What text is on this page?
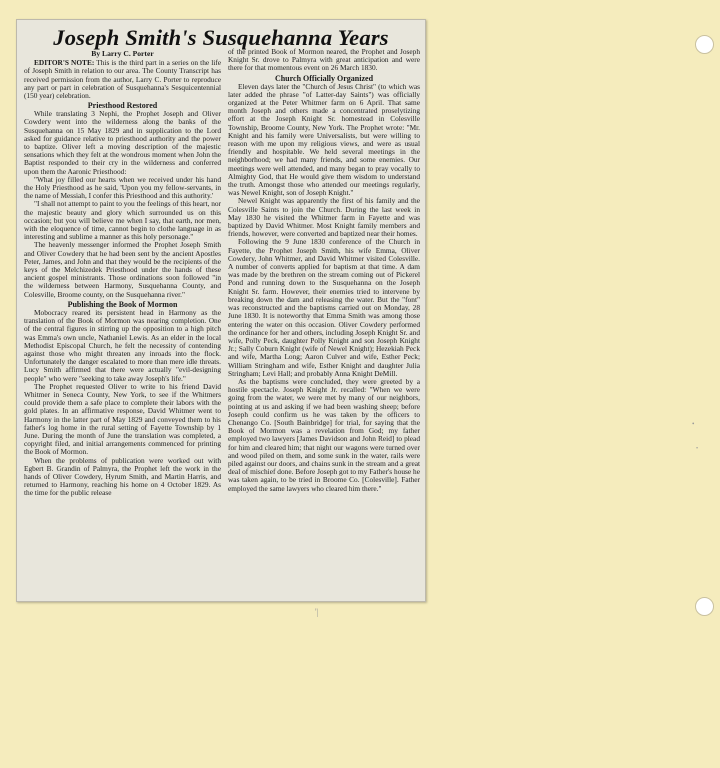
Joseph Smith's Susquehanna Years

By Larry C. Porter

EDITOR'S NOTE: This is the third part in a series on the life of Joseph Smith in relation to our area. The County Transcript has received permission from the author, Larry C. Porter to reproduce any part or part in celebration of Susquehanna's Sesquicentennial (150 year) celebration.

Priesthood Restored

While translating 3 Nephi, the Prophet Joseph and Oliver Cowdery went into the wilderness along the banks of the Susquehanna on 15 May 1829 and in supplication to the Lord asked for guidance relative to priesthood authority and the power to baptize. Oliver left a moving description of the majestic sensations which they felt at the wondrous moment when John the Baptist responded to their cry in the wilderness and conferred upon them the Aaronic Priesthood:

"What joy filled our hearts when we received under his hand the Holy Priesthood as he said, 'Upon you my fellow-servants, in the name of Messiah, I confer this Priesthood and this authority.'

"I shall not attempt to paint to you the feelings of this heart, nor the majestic beauty and glory which surrounded us on this occasion; but you will believe me when I say, that earth, nor men, with the eloquence of time, cannot begin to clothe language in as interesting and sublime a manner as this holy personage."

The heavenly messenger informed the Prophet Joseph Smith and Oliver Cowdery that he had been sent by the ancient Apostles Peter, James, and John and that they would be the recipients of the keys of the Melchizedek Priesthood under the hands of these ancient gospel ministrants. Those ordinations soon followed "in the wilderness between Harmony, Susquehanna County, and Colesville, Broome county, on the Susquehanna river."

Publishing the Book of Mormon

Mobocracy reared its persistent head in Harmony as the translation of the Book of Mormon was nearing completion. One of the central figures in stirring up the opposition to a high pitch was Emma's own uncle, Nathaniel Lewis. As an elder in the local Methodist Episcopal Church, he felt the necessity of contending against those who might threaten any inroads into the flock. Unfortunately the danger escalated to more than mere idle threats. Lucy Smith affirmed that there were actually "evil-designing people" who were "seeking to take away Joseph's life."

The Prophet requested Oliver to write to his friend David Whitmer in Seneca County, New York, to see if the Whitmers could provide them a safe place to complete their labors with the gold plates. In an affirmative response, David Whitmer went to Harmony in the latter part of May 1829 and conveyed them to his father's log home in the rural setting of Fayette Township by 1 June. During the month of June the translation was completed, a copyright filed, and initial arrangements commenced for printing the Book of Mormon.

When the problems of publication were worked out with Egbert B. Grandin of Palmyra, the Prophet left the work in the hands of Oliver Cowdery, Hyrum Smith, and Martin Harris, and returned to Harmony, reaching his home on 4 October 1829. As the time for the public release

of the printed Book of Mormon neared, the Prophet and Joseph Knight Sr. drove to Palmyra with great anticipation and were there for that momentous event on 26 March 1830.

Church Officially Organized

Eleven days later the "Church of Jesus Christ" (to which was later added the phrase "of Latter-day Saints") was officially organized at the Peter Whitmer farm on 6 April. That same month Joseph and others made a concentrated proselytizing effort at the Joseph Knight Sr. homestead in Colesville Township, Broome County, New York. The Prophet wrote: "Mr. Knight and his family were Universalists, but were willing to reason with me upon my religious views, and were as usual friendly and hospitable. We held several meetings in the neighborhood; we had many friends, and some enemies. Our meetings were well attended, and many began to pray vocally to Almighty God, that He would give them wisdom to understand the truth. Amongst those who attended our meetings regularly, was Newel Knight, son of Joseph Knight."

Newel Knight was apparently the first of his family and the Colesville Saints to join the Church. During the last week in May 1830 he visited the Whitmer farm in Fayette and was baptized by David Whitmer. Most Knight family members and friends, however, were converted and baptized near their homes.

Following the 9 June 1830 conference of the Church in Fayette, the Prophet Joseph Smith, his wife Emma, Oliver Cowdery, John Whitmer, and David Whitmer visited Colesville. A number of converts applied for baptism at that time. A dam was made by the brethren on the stream coming out of Pickerel Pond and running down to the Susquehanna on the Joseph Knight Sr. farm. However, their enemies tried to intervene by breaking down the dam and releasing the water. But the "font" was reconstructed and the baptisms carried out on Monday, 28 June 1830. It is noteworthy that Emma Smith was among those entering the water on this occasion. Oliver Cowdery performed the ordinance for her and others, including Joseph Knight Sr. and wife, Polly Peck, daughter Polly Knight and son Joseph Knight Jr.; Sally Coburn Knight (wife of Newel Knight); Hezekiah Peck and wife, Martha Long; Aaron Culver and wife, Esther Peck; William Stringham and wife, Esther Knight and daughter Julia Stringham; Levi Hall; and probably Anna Knight DeMill.

As the baptisms were concluded, they were greeted by a hostile spectacle. Joseph Knight Jr. recalled: "When we were going from the water, we were met by many of our neighbors, pointing at us and asking if we had been washing sheep; before Joseph could confirm us he was taken by the officers to Chenango Co. [South Bainbridge] for trial, for saying that the Book of Mormon was a revelation from God; my father employed two lawyers [James Davidson and John Reid] to plead for him and cleared him; that night our wagons were turned over and wood piled on them, and some sunk in the water, rails were piled against our doors, and chains sunk in the stream and a great deal of mischief done. Before Joseph got to my Father's house he was taken again, to be tried in Broome Co. [Colesville]. Father employed the same lawyers who cleared him there."

'|
•
•
